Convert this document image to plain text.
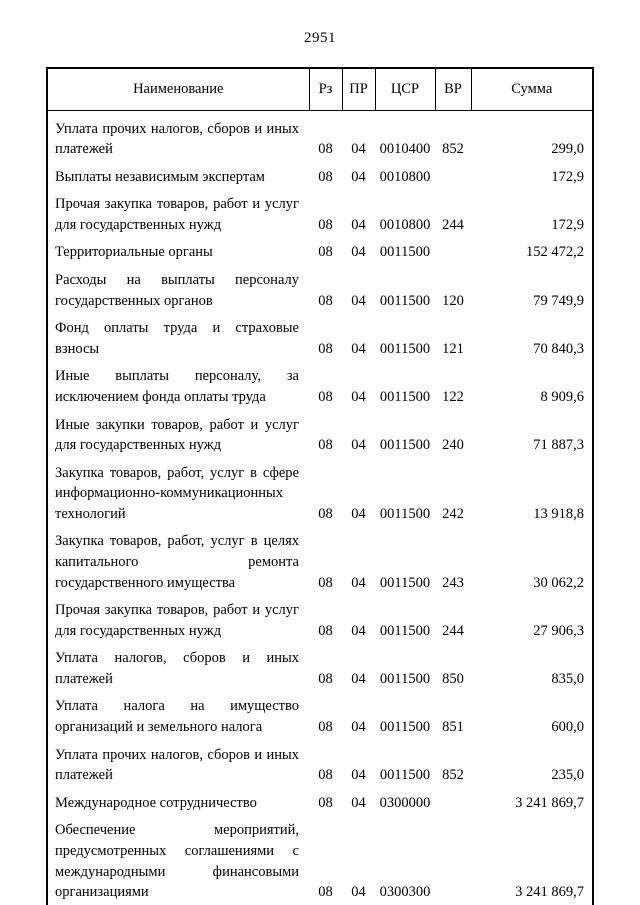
2951
Наименование	Рз	ПР	ЦСР	ВР	Сумма
Уплата прочих налогов, сборов и иных платежей	08	04	0010400	852	299,0
Выплаты независимым экспертам	08	04	0010800		172,9
Прочая закупка товаров, работ и услуг для государственных нужд	08	04	0010800	244	172,9
Территориальные органы	08	04	0011500		152 472,2
Расходы на выплаты персоналу государственных органов	08	04	0011500	120	79 749,9
Фонд оплаты труда и страховые взносы	08	04	0011500	121	70 840,3
Иные выплаты персоналу, за исключением фонда оплаты труда	08	04	0011500	122	8 909,6
Иные закупки товаров, работ и услуг для государственных нужд	08	04	0011500	240	71 887,3
Закупка товаров, работ, услуг в сфере информационно-коммуникационных технологий	08	04	0011500	242	13 918,8
Закупка товаров, работ, услуг в целях капитального ремонта государственного имущества	08	04	0011500	243	30 062,2
Прочая закупка товаров, работ и услуг для государственных нужд	08	04	0011500	244	27 906,3
Уплата налогов, сборов и иных платежей	08	04	0011500	850	835,0
Уплата налога на имущество организаций и земельного налога	08	04	0011500	851	600,0
Уплата прочих налогов, сборов и иных платежей	08	04	0011500	852	235,0
Международное сотрудничество	08	04	0300000		3 241 869,7
Обеспечение мероприятий, предусмотренных соглашениями с международными финансовыми организациями	08	04	0300300		3 241 869,7
